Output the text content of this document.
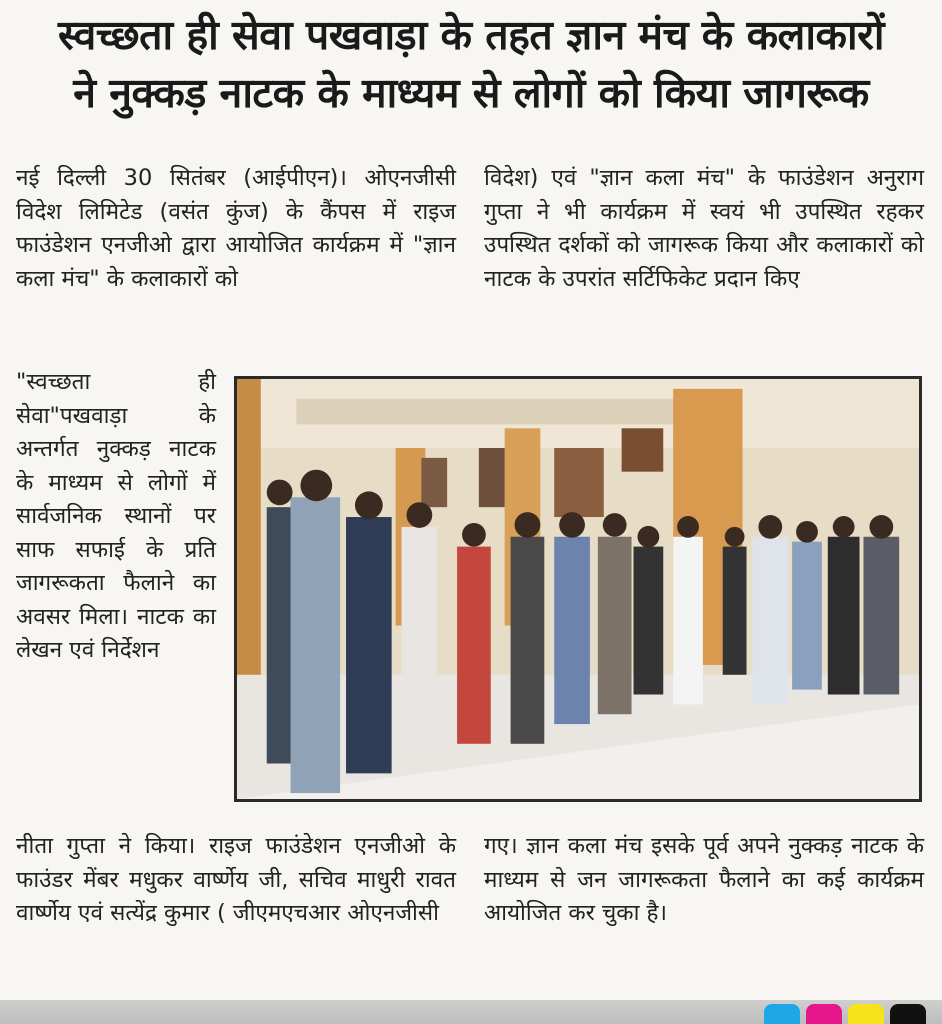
स्वच्छता ही सेवा पखवाड़ा के तहत ज्ञान मंच के कलाकारों
ने नुक्कड़ नाटक के माध्यम से लोगों को किया जागरूक
नई दिल्ली 30 सितंबर (आईपीएन)। ओएनजीसी विदेश लिमिटेड (वसंत कुंज) के कैंपस में राइज फाउंडेशन एनजीओ द्वारा आयोजित कार्यक्रम में "ज्ञान कला मंच" के कलाकारों को
विदेश) एवं "ज्ञान कला मंच" के फाउंडेशन अनुराग गुप्ता ने भी कार्यक्रम में स्वयं भी उपस्थित रहकर उपस्थित दर्शकों को जागरूक किया और कलाकारों को नाटक के उपरांत सर्टिफिकेट प्रदान किए
"स्वच्छता ही सेवा"पखवाड़ा के अन्तर्गत नुक्कड़ नाटक के माध्यम से लोगों में सार्वजनिक स्थानों पर साफ सफाई के प्रति जागरूकता फैलाने का अवसर मिला। नाटक का लेखन एवं निर्देशन
नीता गुप्ता ने किया। राइज फाउंडेशन एनजीओ के फाउंडर मेंबर मधुकर वार्ष्णेय जी, सचिव माधुरी रावत वार्ष्णेय एवं सत्येंद्र कुमार ( जीएमएचआर ओएनजीसी
गए। ज्ञान कला मंच इसके पूर्व अपने नुक्कड़ नाटक के माध्यम से जन जागरूकता फैलाने का कई कार्यक्रम आयोजित कर चुका है।
